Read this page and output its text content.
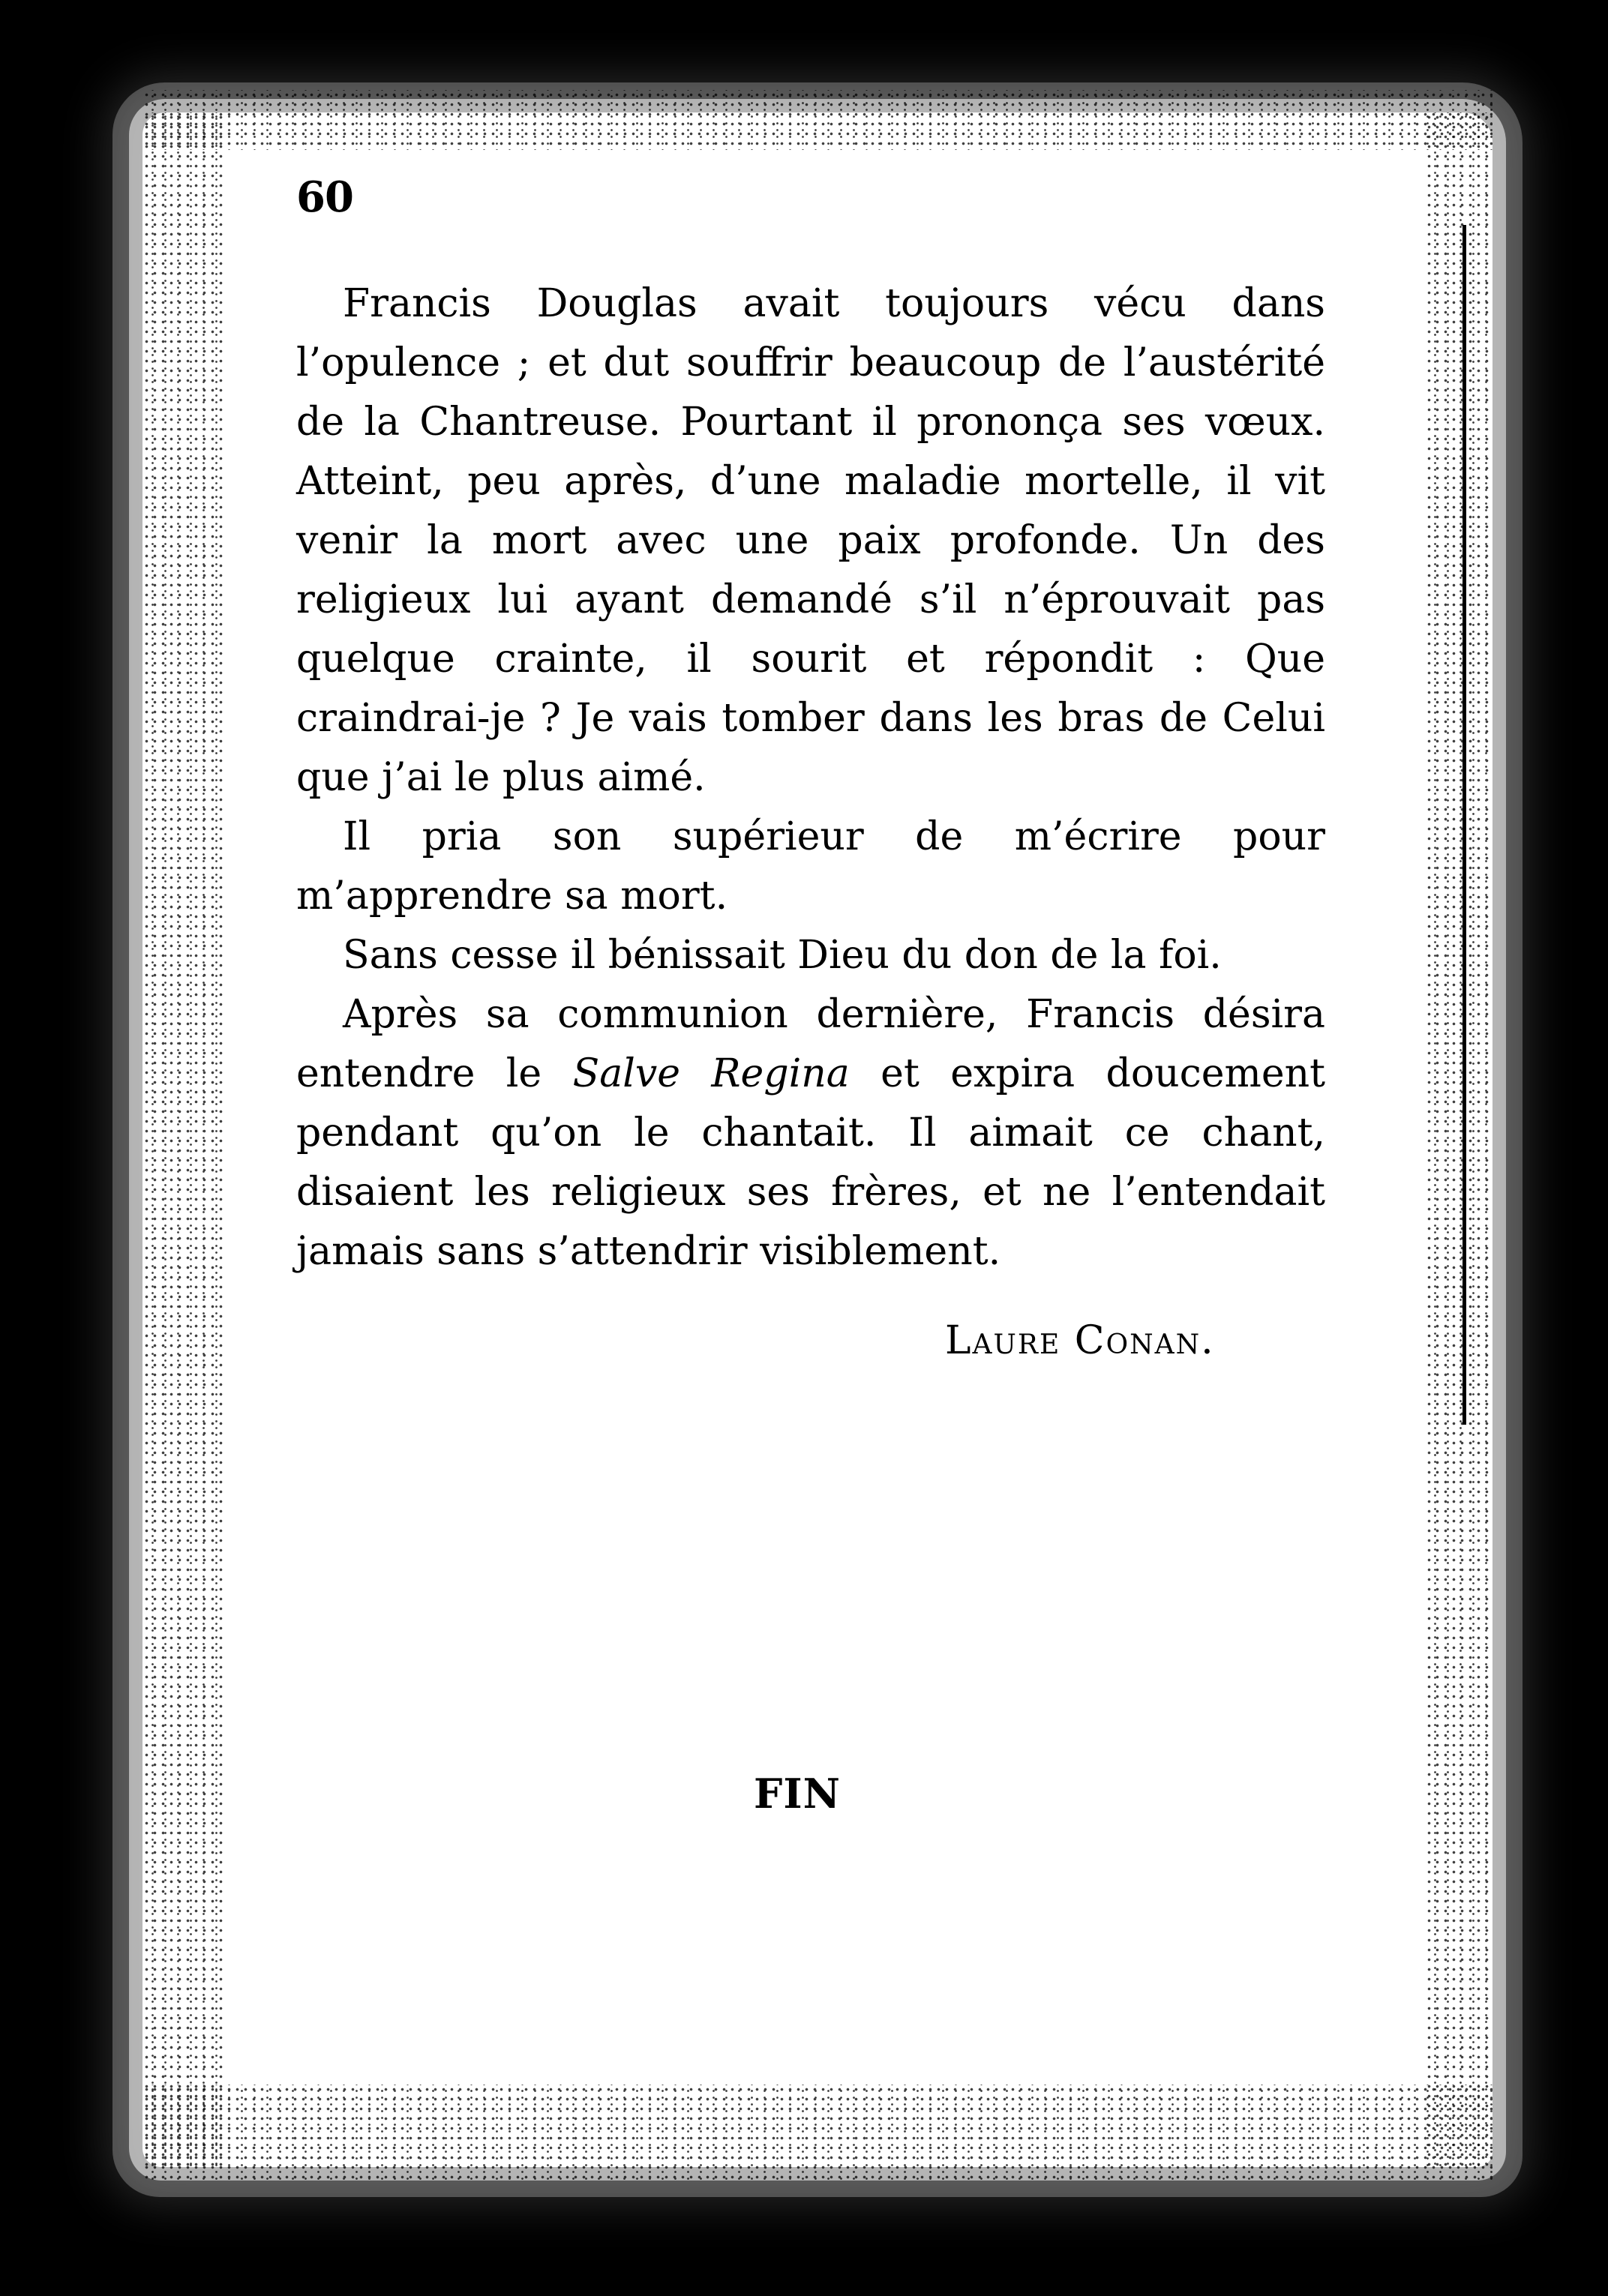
60

Francis Douglas avait toujours vécu dans l’opulence ; et dut souffrir beaucoup de l’austérité de la Chantreuse. Pourtant il prononça ses vœux. Atteint, peu après, d’une maladie mortelle, il vit venir la mort avec une paix profonde. Un des religieux lui ayant demandé s’il n’éprouvait pas quelque crainte, il sourit et répondit : Que craindrai-je ? Je vais tomber dans les bras de Celui que j’ai le plus aimé.

Il pria son supérieur de m’écrire pour m’apprendre sa mort.

Sans cesse il bénissait Dieu du don de la foi.

Après sa communion dernière, Francis désira entendre le Salve Regina et expira doucement pendant qu’on le chantait. Il aimait ce chant, disaient les religieux ses frères, et ne l’entendait jamais sans s’attendrir visiblement.

Laure Conan.
FIN
